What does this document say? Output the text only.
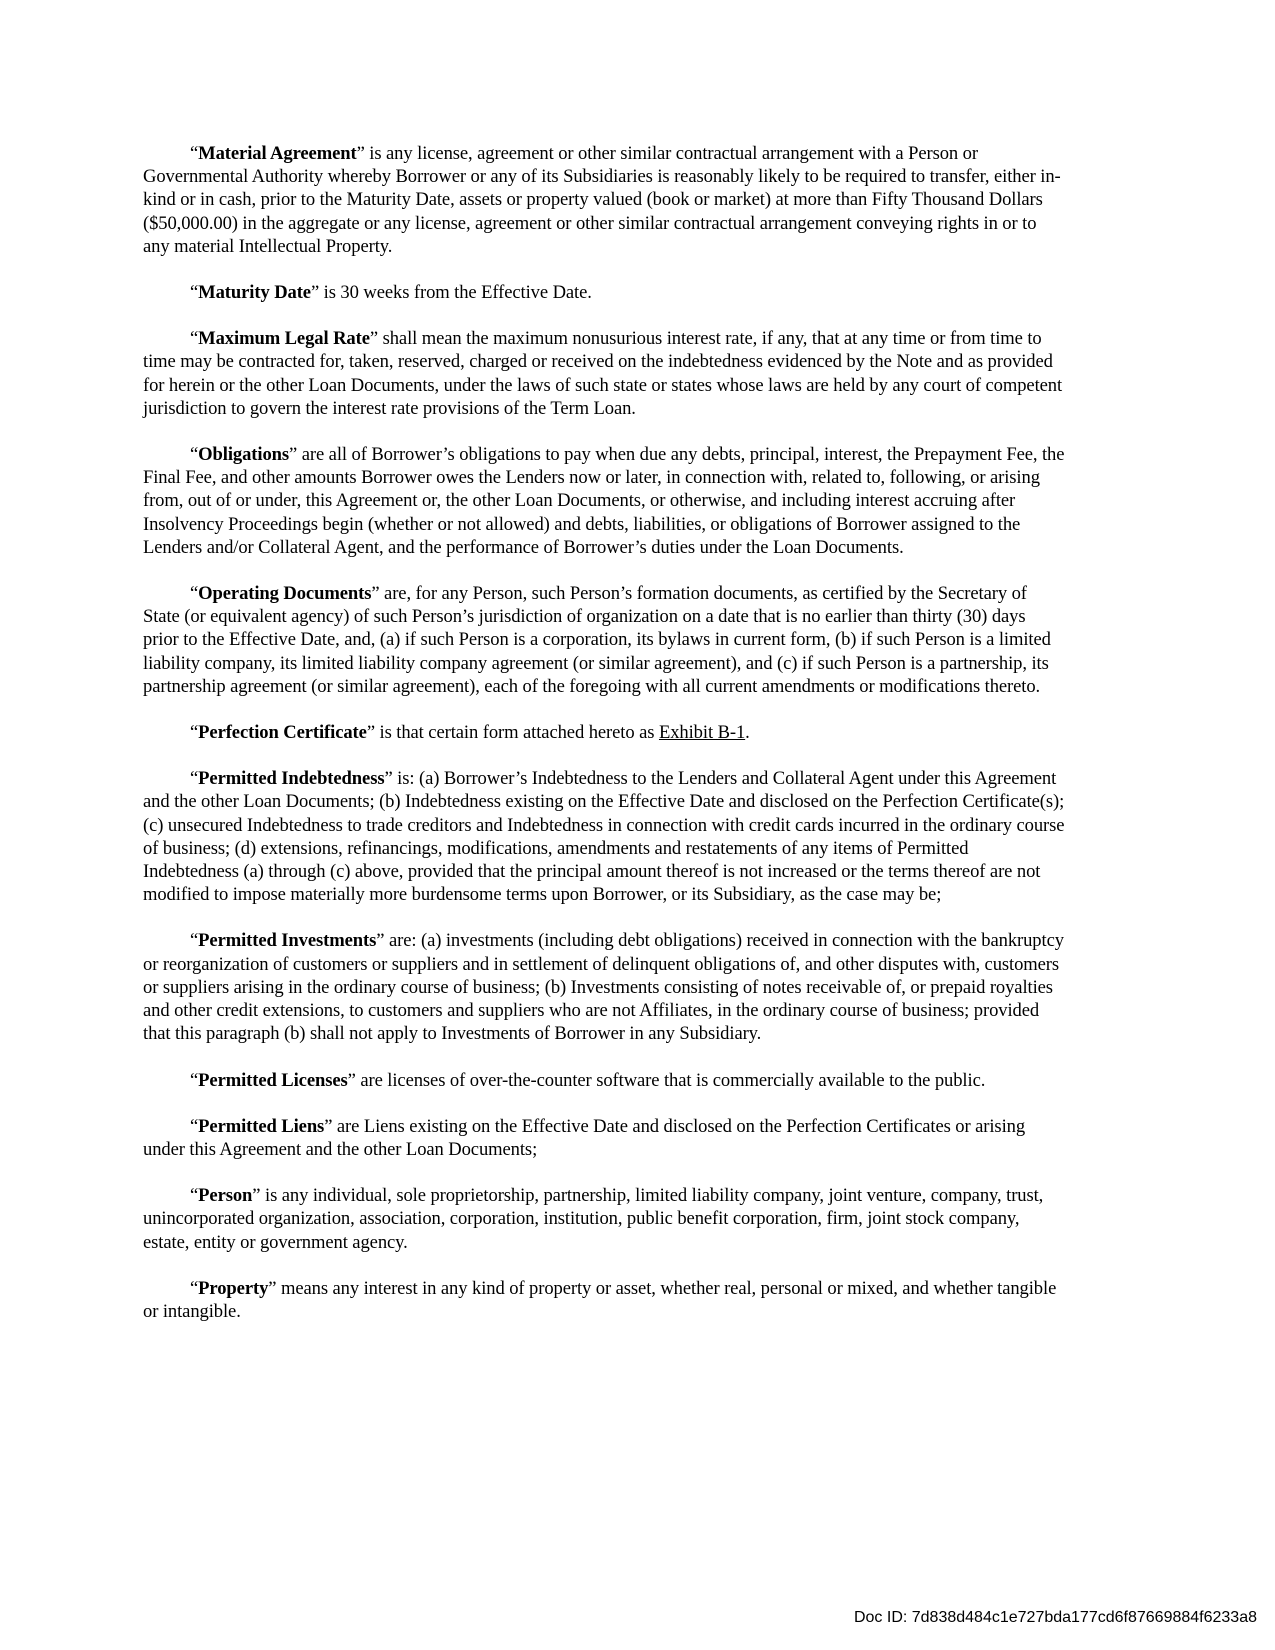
“Material Agreement” is any license, agreement or other similar contractual arrangement with a Person or Governmental Authority whereby Borrower or any of its Subsidiaries is reasonably likely to be required to transfer, either in-kind or in cash, prior to the Maturity Date, assets or property valued (book or market) at more than Fifty Thousand Dollars ($50,000.00) in the aggregate or any license, agreement or other similar contractual arrangement conveying rights in or to any material Intellectual Property.

“Maturity Date” is 30 weeks from the Effective Date.

“Maximum Legal Rate” shall mean the maximum nonusurious interest rate, if any, that at any time or from time to time may be contracted for, taken, reserved, charged or received on the indebtedness evidenced by the Note and as provided for herein or the other Loan Documents, under the laws of such state or states whose laws are held by any court of competent jurisdiction to govern the interest rate provisions of the Term Loan.

“Obligations” are all of Borrower’s obligations to pay when due any debts, principal, interest, the Prepayment Fee, the Final Fee, and other amounts Borrower owes the Lenders now or later, in connection with, related to, following, or arising from, out of or under, this Agreement or, the other Loan Documents, or otherwise, and including interest accruing after Insolvency Proceedings begin (whether or not allowed) and debts, liabilities, or obligations of Borrower assigned to the Lenders and/or Collateral Agent, and the performance of Borrower’s duties under the Loan Documents.

“Operating Documents” are, for any Person, such Person’s formation documents, as certified by the Secretary of State (or equivalent agency) of such Person’s jurisdiction of organization on a date that is no earlier than thirty (30) days prior to the Effective Date, and, (a) if such Person is a corporation, its bylaws in current form, (b) if such Person is a limited liability company, its limited liability company agreement (or similar agreement), and (c) if such Person is a partnership, its partnership agreement (or similar agreement), each of the foregoing with all current amendments or modifications thereto.

“Perfection Certificate” is that certain form attached hereto as Exhibit B-1.

“Permitted Indebtedness” is: (a) Borrower’s Indebtedness to the Lenders and Collateral Agent under this Agreement and the other Loan Documents; (b) Indebtedness existing on the Effective Date and disclosed on the Perfection Certificate(s); (c) unsecured Indebtedness to trade creditors and Indebtedness in connection with credit cards incurred in the ordinary course of business; (d) extensions, refinancings, modifications, amendments and restatements of any items of Permitted Indebtedness (a) through (c) above, provided that the principal amount thereof is not increased or the terms thereof are not modified to impose materially more burdensome terms upon Borrower, or its Subsidiary, as the case may be;

“Permitted Investments” are: (a) investments (including debt obligations) received in connection with the bankruptcy or reorganization of customers or suppliers and in settlement of delinquent obligations of, and other disputes with, customers or suppliers arising in the ordinary course of business; (b) Investments consisting of notes receivable of, or prepaid royalties and other credit extensions, to customers and suppliers who are not Affiliates, in the ordinary course of business; provided that this paragraph (b) shall not apply to Investments of Borrower in any Subsidiary.

“Permitted Licenses” are licenses of over-the-counter software that is commercially available to the public.

“Permitted Liens” are Liens existing on the Effective Date and disclosed on the Perfection Certificates or arising under this Agreement and the other Loan Documents;

“Person” is any individual, sole proprietorship, partnership, limited liability company, joint venture, company, trust, unincorporated organization, association, corporation, institution, public benefit corporation, firm, joint stock company, estate, entity or government agency.

“Property” means any interest in any kind of property or asset, whether real, personal or mixed, and whether tangible or intangible.

Doc ID: 7d838d484c1e727bda177cd6f87669884f6233a8
